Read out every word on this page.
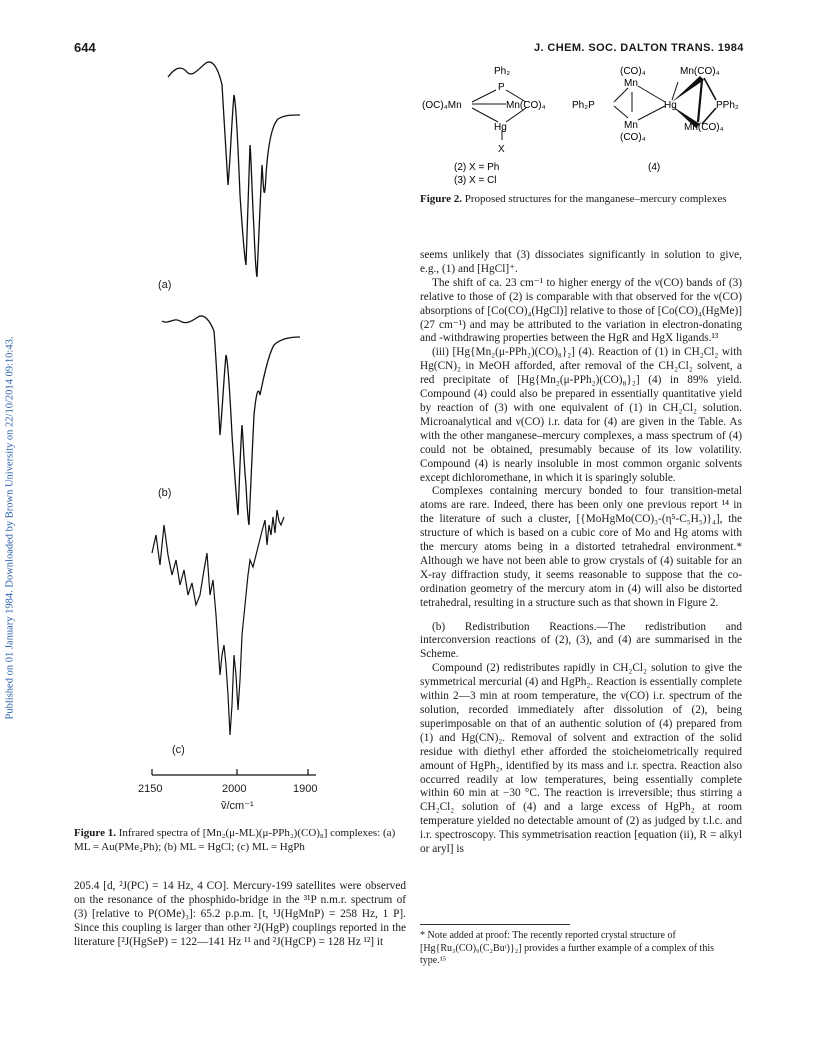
Published on 01 January 1984. Downloaded by Brown University on 22/10/2014 09:10:43.
644	J. CHEM. SOC. DALTON TRANS. 1984
(a)
(b)
(c)
2150	2000	1900
ṽ/cm⁻¹
Figure 1. Infrared spectra of [Mn₂(μ-ML)(μ-PPh₂)(CO)₈] complexes: (a) ML = Au(PMe₂Ph); (b) ML = HgCl; (c) ML = HgPh

205.4 [d, ²J(PC) = 14 Hz, 4 CO]. Mercury-199 satellites were observed on the resonance of the phosphido-bridge in the ³¹P n.m.r. spectrum of (3) [relative to P(OMe)₃]: 65.2 p.p.m. [t, ¹J(HgMnP) = 258 Hz, 1 P]. Since this coupling is larger than other ²J(HgP) couplings reported in the literature [²J(HgSeP) = 122—141 Hz ¹¹ and ²J(HgCP) = 128 Hz ¹²] it

Ph₂
P
(OC)₄Mn	Mn(CO)₄
Hg
X
(2) X = Ph
(3) X = Cl
(CO)₄
Mn
Mn(CO)₄
Ph₂P	Hg	PPh₂
Mn
(CO)₄
Mn(CO)₄
(4)
Figure 2. Proposed structures for the manganese–mercury complexes

seems unlikely that (3) dissociates significantly in solution to give, e.g., (1) and [HgCl]⁺.

The shift of ca. 23 cm⁻¹ to higher energy of the ν(CO) bands of (3) relative to those of (2) is comparable with that observed for the ν(CO) absorptions of [Co(CO)₄(HgCl)] relative to those of [Co(CO)₄(HgMe)] (27 cm⁻¹) and may be attributed to the variation in electron-donating and -withdrawing properties between the HgR and HgX ligands.¹³

(iii) [Hg{Mn₂(μ-PPh₂)(CO)₈}₂] (4). Reaction of (1) in CH₂Cl₂ with Hg(CN)₂ in MeOH afforded, after removal of the CH₂Cl₂ solvent, a red precipitate of [Hg{Mn₂(μ-PPh₂)(CO)₈}₂] (4) in 89% yield. Compound (4) could also be prepared in essentially quantitative yield by reaction of (3) with one equivalent of (1) in CH₂Cl₂ solution. Microanalytical and ν(CO) i.r. data for (4) are given in the Table. As with the other manganese–mercury complexes, a mass spectrum of (4) could not be obtained, presumably because of its low volatility. Compound (4) is nearly insoluble in most common organic solvents except dichloromethane, in which it is sparingly soluble.

Complexes containing mercury bonded to four transition-metal atoms are rare. Indeed, there has been only one previous report ¹⁴ in the literature of such a cluster, [{MoHgMo(CO)₃-(η⁵-C₅H₅)}₄], the structure of which is based on a cubic core of Mo and Hg atoms with the mercury atoms being in a distorted tetrahedral environment.* Although we have not been able to grow crystals of (4) suitable for an X-ray diffraction study, it seems reasonable to suppose that the co-ordination geometry of the mercury atom in (4) will also be distorted tetrahedral, resulting in a structure such as that shown in Figure 2.

(b) Redistribution Reactions.—The redistribution and interconversion reactions of (2), (3), and (4) are summarised in the Scheme.

Compound (2) redistributes rapidly in CH₂Cl₂ solution to give the symmetrical mercurial (4) and HgPh₂. Reaction is essentially complete within 2—3 min at room temperature, the ν(CO) i.r. spectrum of the solution, recorded immediately after dissolution of (2), being superimposable on that of an authentic solution of (4) prepared from (1) and Hg(CN)₂. Removal of solvent and extraction of the solid residue with diethyl ether afforded the stoicheiometrically required amount of HgPh₂, identified by its mass and i.r. spectra. Reaction also occurred readily at low temperatures, being essentially complete within 60 min at −30 °C. The reaction is irreversible; thus stirring a CH₂Cl₂ solution of (4) and a large excess of HgPh₂ at room temperature yielded no detectable amount of (2) as judged by t.l.c. and i.r. spectroscopy. This symmetrisation reaction [equation (ii), R = alkyl or aryl] is

* Note added at proof: The recently reported crystal structure of [Hg{Ru₃(CO)₉(C₂Buᵗ)}₂] provides a further example of a complex of this type.¹⁵
